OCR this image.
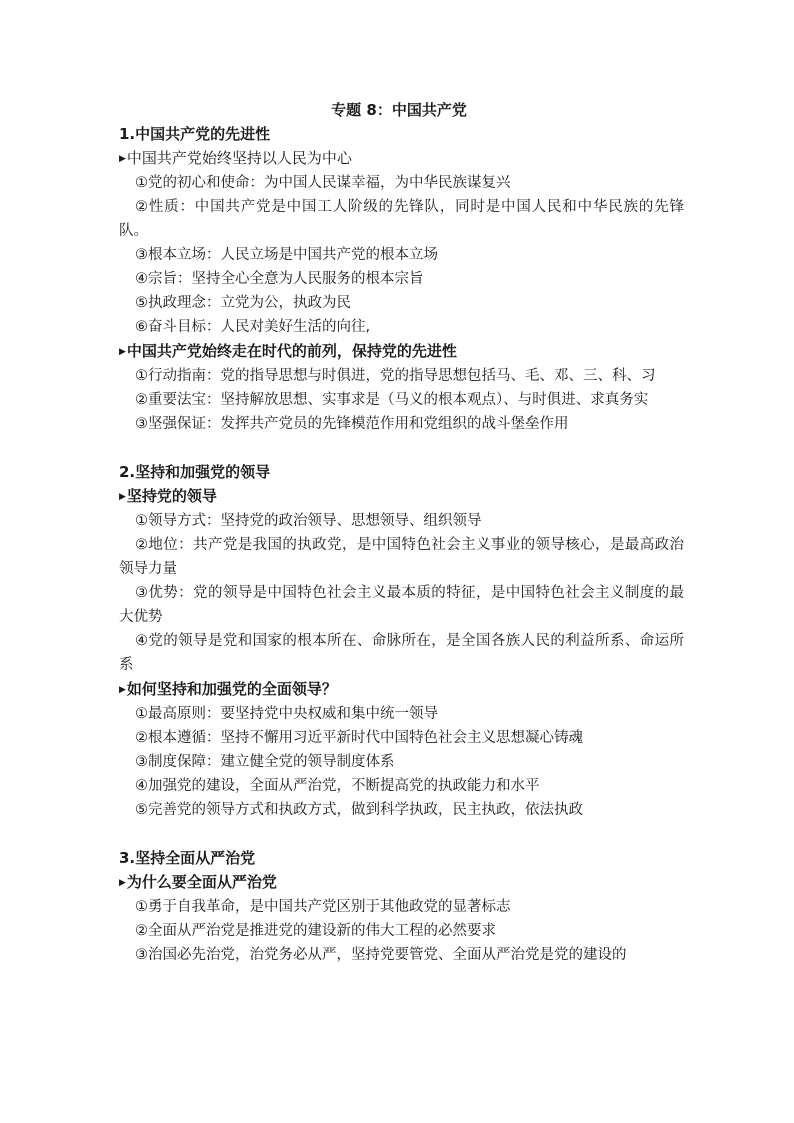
专题 8：中国共产党
1.中国共产党的先进性
▶中国共产党始终坚持以人民为中心
①党的初心和使命：为中国人民谋幸福，为中华民族谋复兴
②性质：中国共产党是中国工人阶级的先锋队，同时是中国人民和中华民族的先锋队。
③根本立场：人民立场是中国共产党的根本立场
④宗旨：坚持全心全意为人民服务的根本宗旨
⑤执政理念：立党为公，执政为民
⑥奋斗目标：人民对美好生活的向往,
▶中国共产党始终走在时代的前列，保持党的先进性
①行动指南：党的指导思想与时俱进，党的指导思想包括马、毛、邓、三、科、习
②重要法宝：坚持解放思想、实事求是（马义的根本观点）、与时俱进、求真务实
③坚强保证：发挥共产党员的先锋模范作用和党组织的战斗堡垒作用
2.坚持和加强党的领导
▶坚持党的领导
①领导方式：坚持党的政治领导、思想领导、组织领导
②地位：共产党是我国的执政党，是中国特色社会主义事业的领导核心，是最高政治领导力量
③优势：党的领导是中国特色社会主义最本质的特征，是中国特色社会主义制度的最大优势
④党的领导是党和国家的根本所在、命脉所在，是全国各族人民的利益所系、命运所系
▶如何坚持和加强党的全面领导？
①最高原则：要坚持党中央权威和集中统一领导
②根本遵循：坚持不懈用习近平新时代中国特色社会主义思想凝心铸魂
③制度保障：建立健全党的领导制度体系
④加强党的建设，全面从严治党，不断提高党的执政能力和水平
⑤完善党的领导方式和执政方式，做到科学执政，民主执政，依法执政
3.坚持全面从严治党
▶为什么要全面从严治党
①勇于自我革命，是中国共产党区别于其他政党的显著标志
②全面从严治党是推进党的建设新的伟大工程的必然要求
③治国必先治党，治党务必从严，坚持党要管党、全面从严治党是党的建设的
